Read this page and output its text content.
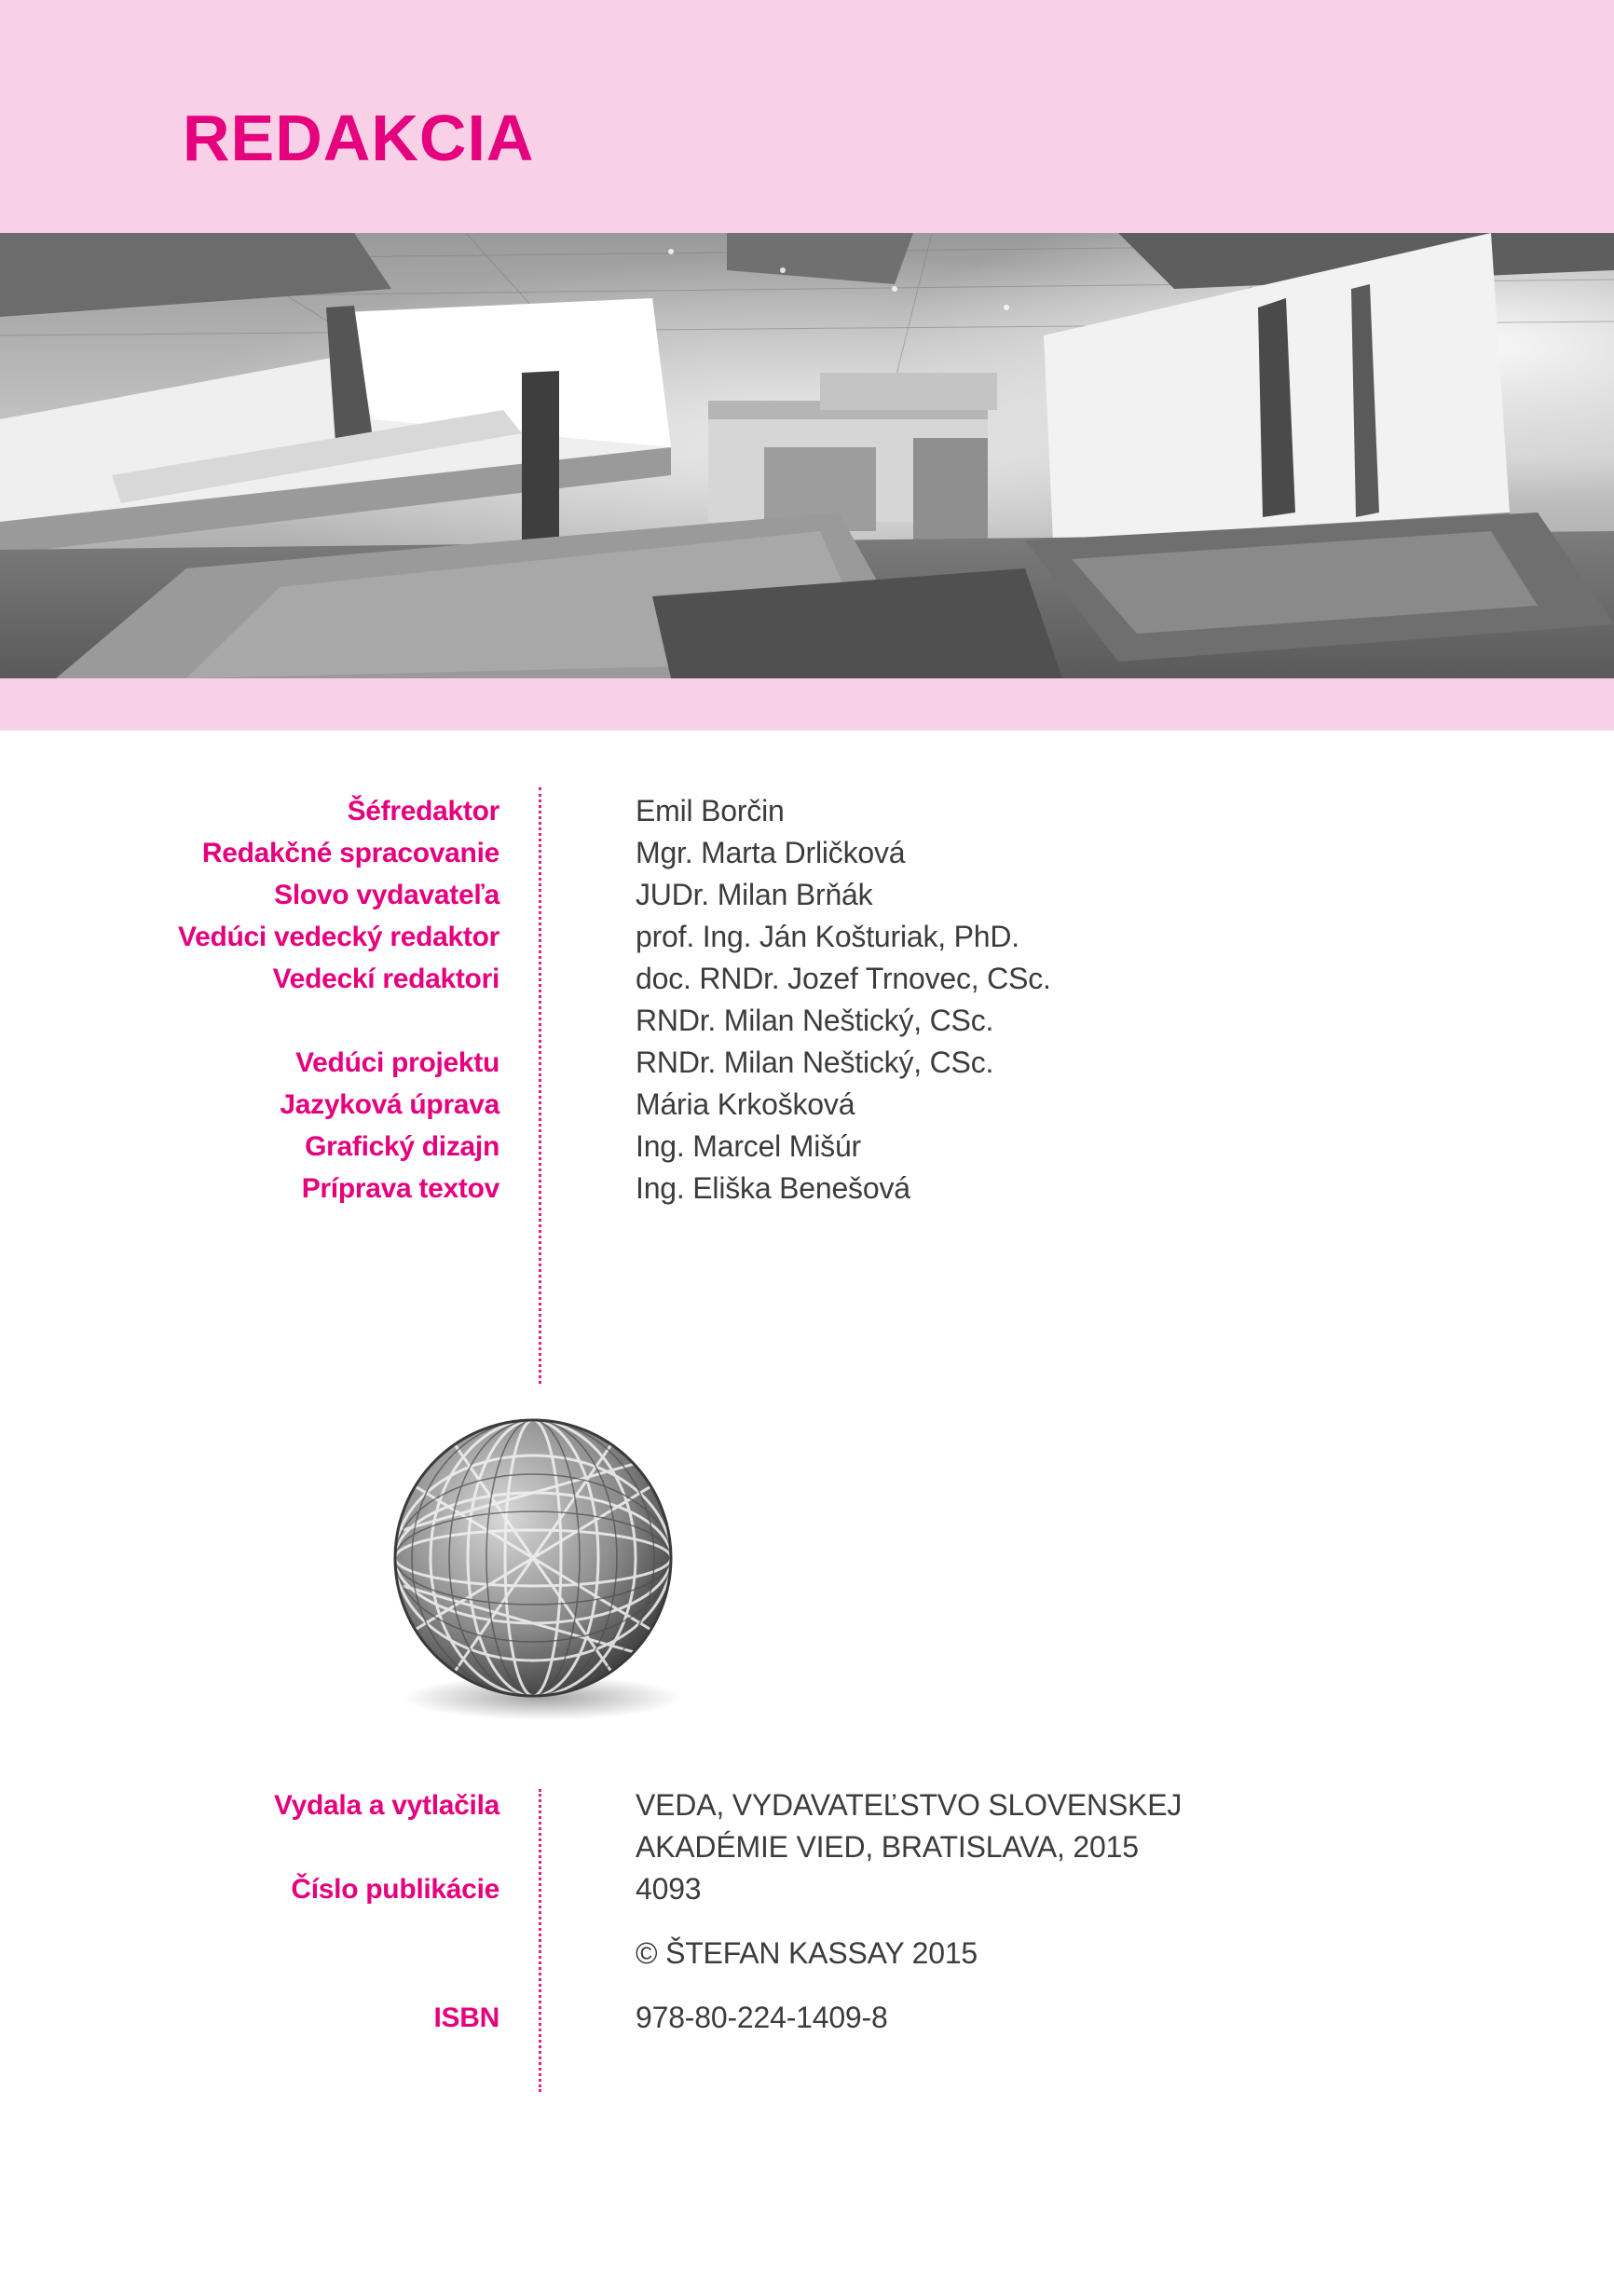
REDAKCIA
Šéfredaktor	Emil Borčin
Redakčné spracovanie	Mgr. Marta Drličková
Slovo vydavateľa	JUDr. Milan Brňák
Vedúci vedecký redaktor	prof. Ing. Ján Košturiak, PhD.
Vedeckí redaktori	doc. RNDr. Jozef Trnovec, CSc.
RNDr. Milan Neštický, CSc.
Vedúci projektu	RNDr. Milan Neštický, CSc.
Jazyková úprava	Mária Krkošková
Grafický dizajn	Ing. Marcel Mišúr
Príprava textov	Ing. Eliška Benešová
Vydala a vytlačila	VEDA, VYDAVATEĽSTVO SLOVENSKEJ
AKADÉMIE VIED, BRATISLAVA, 2015
Číslo publikácie	4093
© ŠTEFAN KASSAY 2015
ISBN	978-80-224-1409-8
